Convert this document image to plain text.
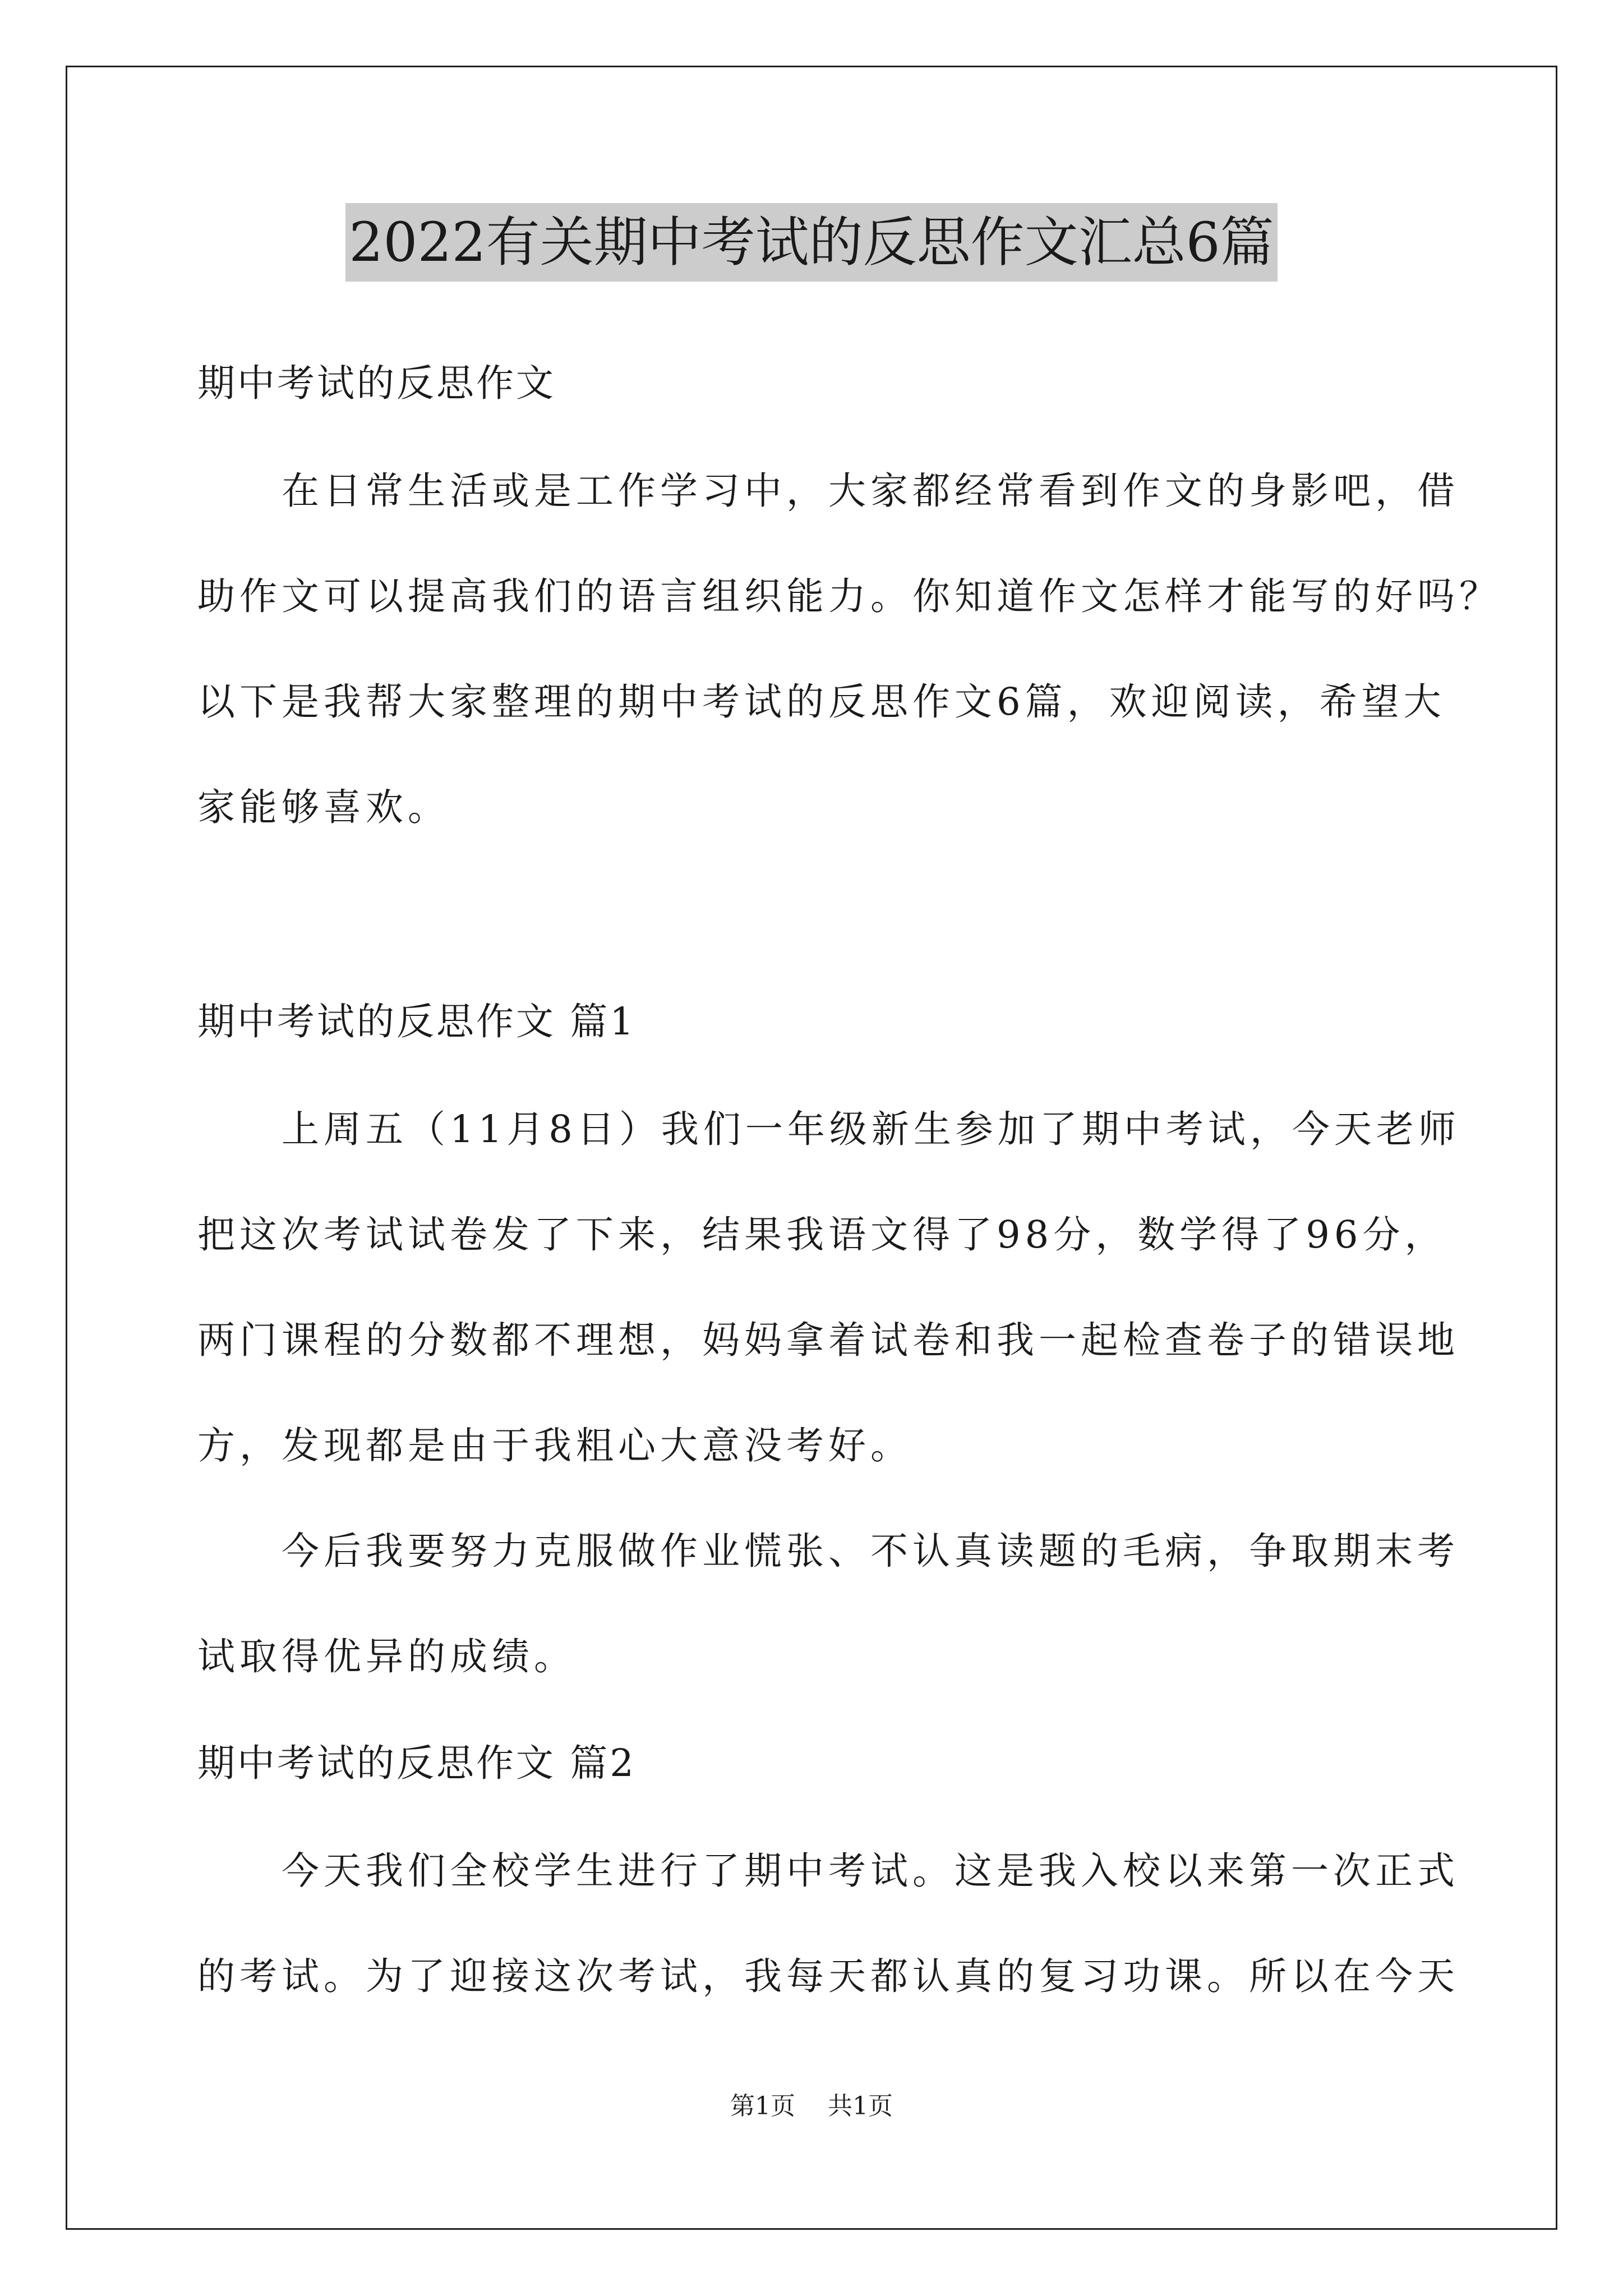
2022有关期中考试的反思作文汇总6篇
期中考试的反思作文
　　在日常生活或是工作学习中，大家都经常看到作文的身影吧，借
助作文可以提高我们的语言组织能力。你知道作文怎样才能写的好吗？
以下是我帮大家整理的期中考试的反思作文6篇，欢迎阅读，希望大
家能够喜欢。
期中考试的反思作文 篇1
　　上周五（11月8日）我们一年级新生参加了期中考试，今天老师
把这次考试试卷发了下来，结果我语文得了98分，数学得了96分，
两门课程的分数都不理想，妈妈拿着试卷和我一起检查卷子的错误地
方，发现都是由于我粗心大意没考好。
　　今后我要努力克服做作业慌张、不认真读题的毛病，争取期末考
试取得优异的成绩。
期中考试的反思作文 篇2
　　今天我们全校学生进行了期中考试。这是我入校以来第一次正式
的考试。为了迎接这次考试，我每天都认真的复习功课。所以在今天
第1页　 共1页
